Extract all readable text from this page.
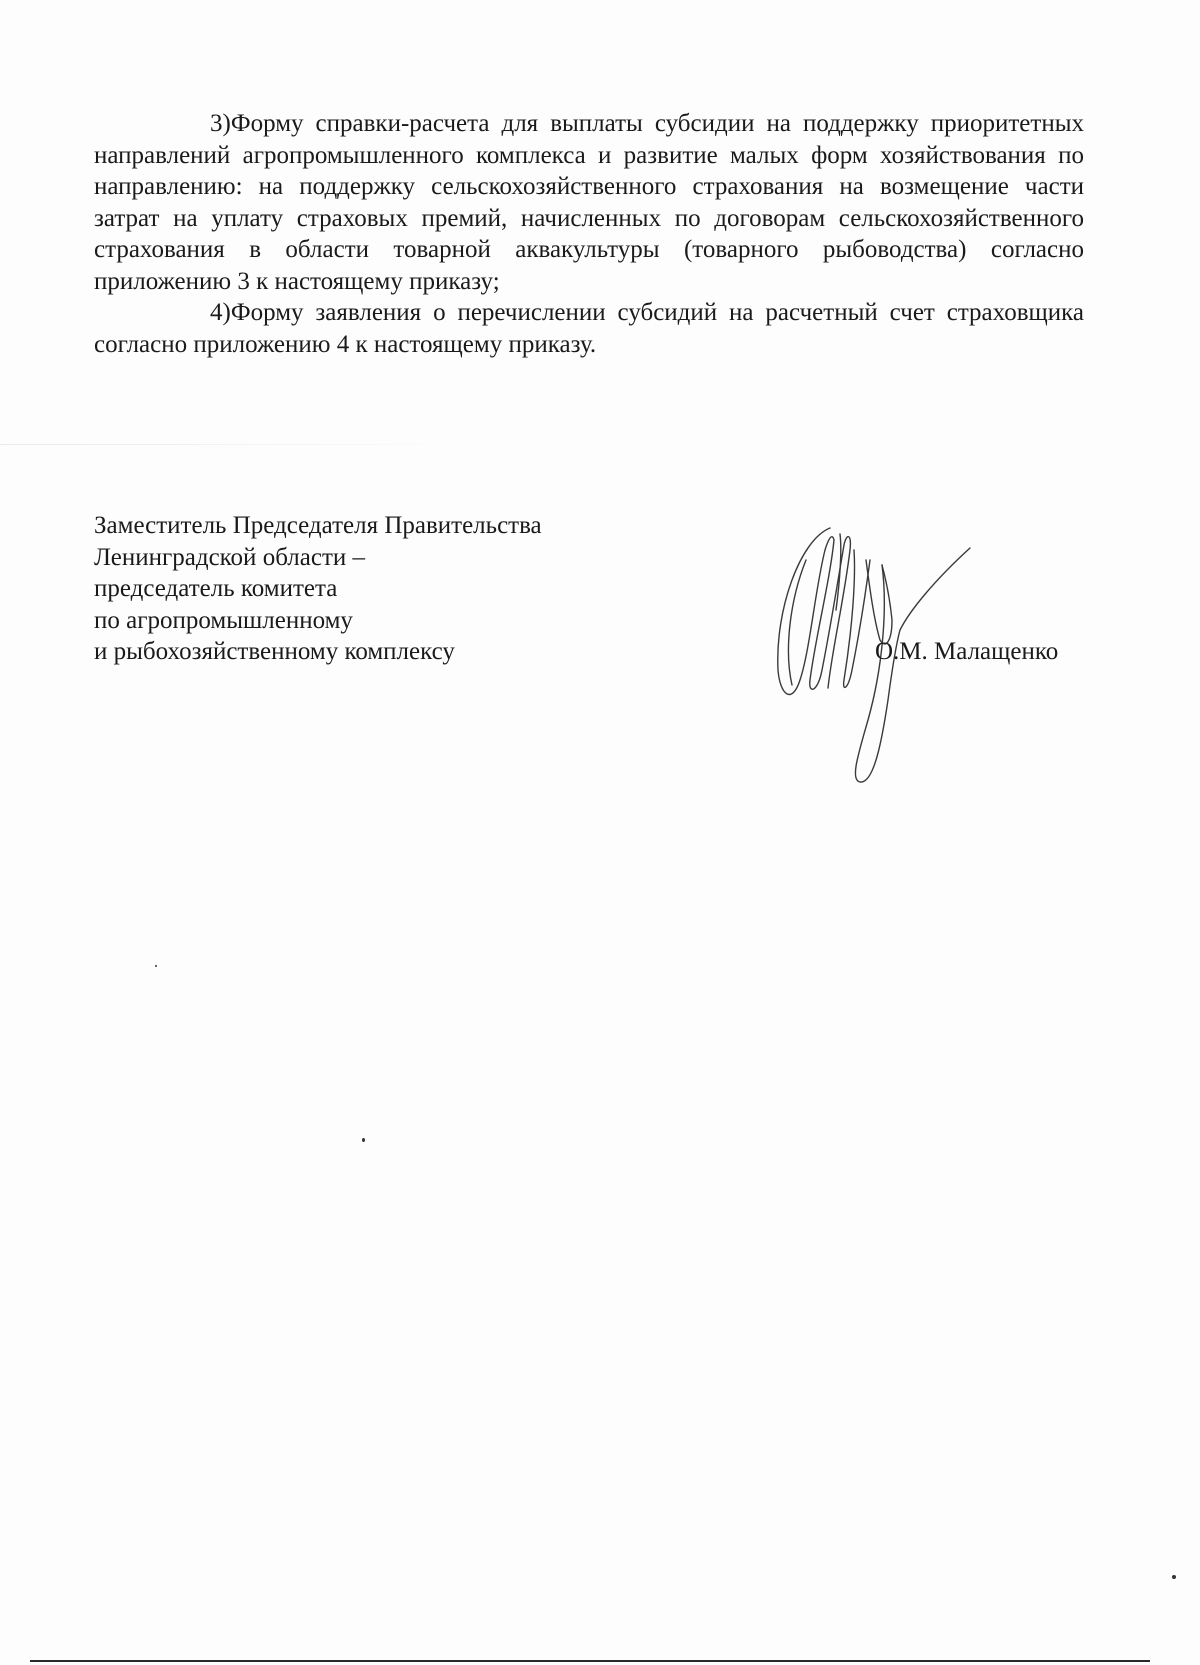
3)Форму справки-расчета для выплаты субсидии на поддержку приоритетных направлений агропромышленного комплекса и развитие малых форм хозяйствования по направлению: на поддержку сельскохозяйственного страхования на возмещение части затрат на уплату страховых премий, начисленных по договорам сельскохозяйственного страхования в области товарной аквакультуры (товарного рыбоводства) согласно приложению 3 к настоящему приказу;

4)Форму заявления о перечислении субсидий на расчетный счет страховщика согласно приложению 4 к настоящему приказу.

Заместитель Председателя Правительства
Ленинградской области –
председатель комитета
по агропромышленному
и рыбохозяйственному комплексу	О.М. Малащенко
